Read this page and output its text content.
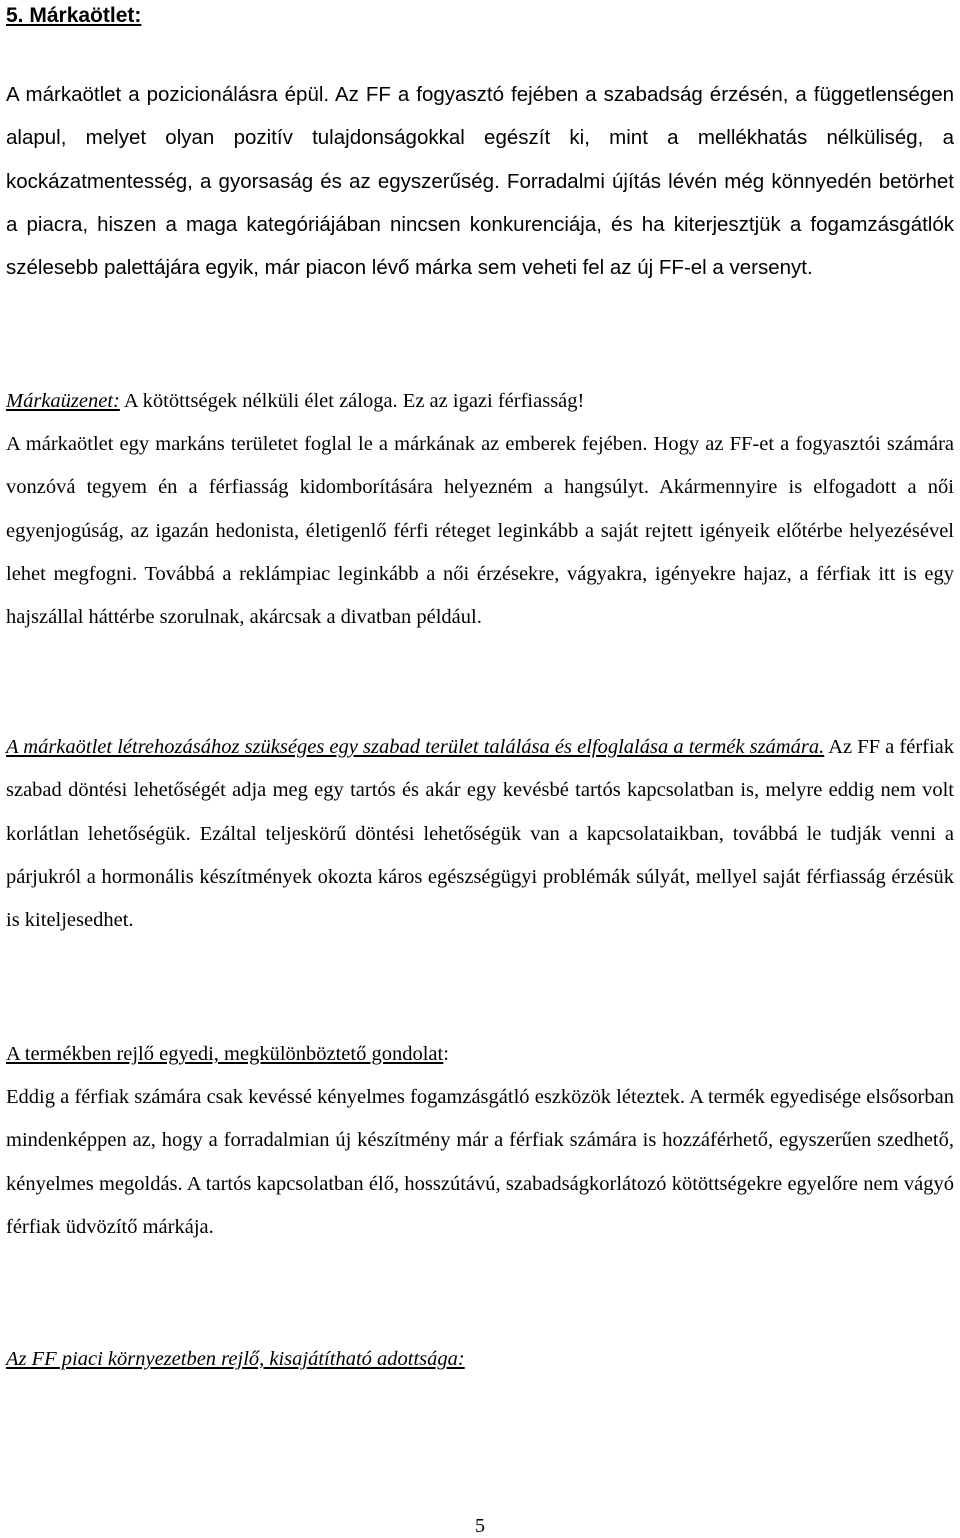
5. Márkaötlet:

A márkaötlet a pozicionálásra épül. Az FF a fogyasztó fejében a szabadság érzésén, a függetlenségen alapul, melyet olyan pozitív tulajdonságokkal egészít ki, mint a mellékhatás nélküliség, a kockázatmentesség, a gyorsaság és az egyszerűség. Forradalmi újítás lévén még könnyedén betörhet a piacra, hiszen a maga kategóriájában nincsen konkurenciája, és ha kiterjesztjük a fogamzásgátlók szélesebb palettájára egyik, már piacon lévő márka sem veheti fel az új FF-el a versenyt.

Márkaüzenet: A kötöttségek nélküli élet záloga. Ez az igazi férfiasság!

A márkaötlet egy markáns területet foglal le a márkának az emberek fejében. Hogy az FF-et a fogyasztói számára vonzóvá tegyem én a férfiasság kidomborítására helyezném a hangsúlyt. Akármennyire is elfogadott a női egyenjogúság, az igazán hedonista, életigenlő férfi réteget leginkább a saját rejtett igényeik előtérbe helyezésével lehet megfogni. Továbbá a reklámpiac leginkább a női érzésekre, vágyakra, igényekre hajaz, a férfiak itt is egy hajszállal háttérbe szorulnak, akárcsak a divatban például.

A márkaötlet létrehozásához szükséges egy szabad terület találása és elfoglalása a termék számára. Az FF a férfiak szabad döntési lehetőségét adja meg egy tartós és akár egy kevésbé tartós kapcsolatban is, melyre eddig nem volt korlátlan lehetőségük. Ezáltal teljeskörű döntési lehetőségük van a kapcsolataikban, továbbá le tudják venni a párjukról a hormonális készítmények okozta káros egészségügyi problémák súlyát, mellyel saját férfiasság érzésük is kiteljesedhet.

A termékben rejlő egyedi, megkülönböztető gondolat:

Eddig a férfiak számára csak kevéssé kényelmes fogamzásgátló eszközök léteztek. A termék egyedisége elsősorban mindenképpen az, hogy a forradalmian új készítmény már a férfiak számára is hozzáférhető, egyszerűen szedhető, kényelmes megoldás. A tartós kapcsolatban élő, hosszútávú, szabadságkorlátozó kötöttségekre egyelőre nem vágyó férfiak üdvözítő márkája.

Az FF piaci környezetben rejlő, kisajátítható adottsága:

5
